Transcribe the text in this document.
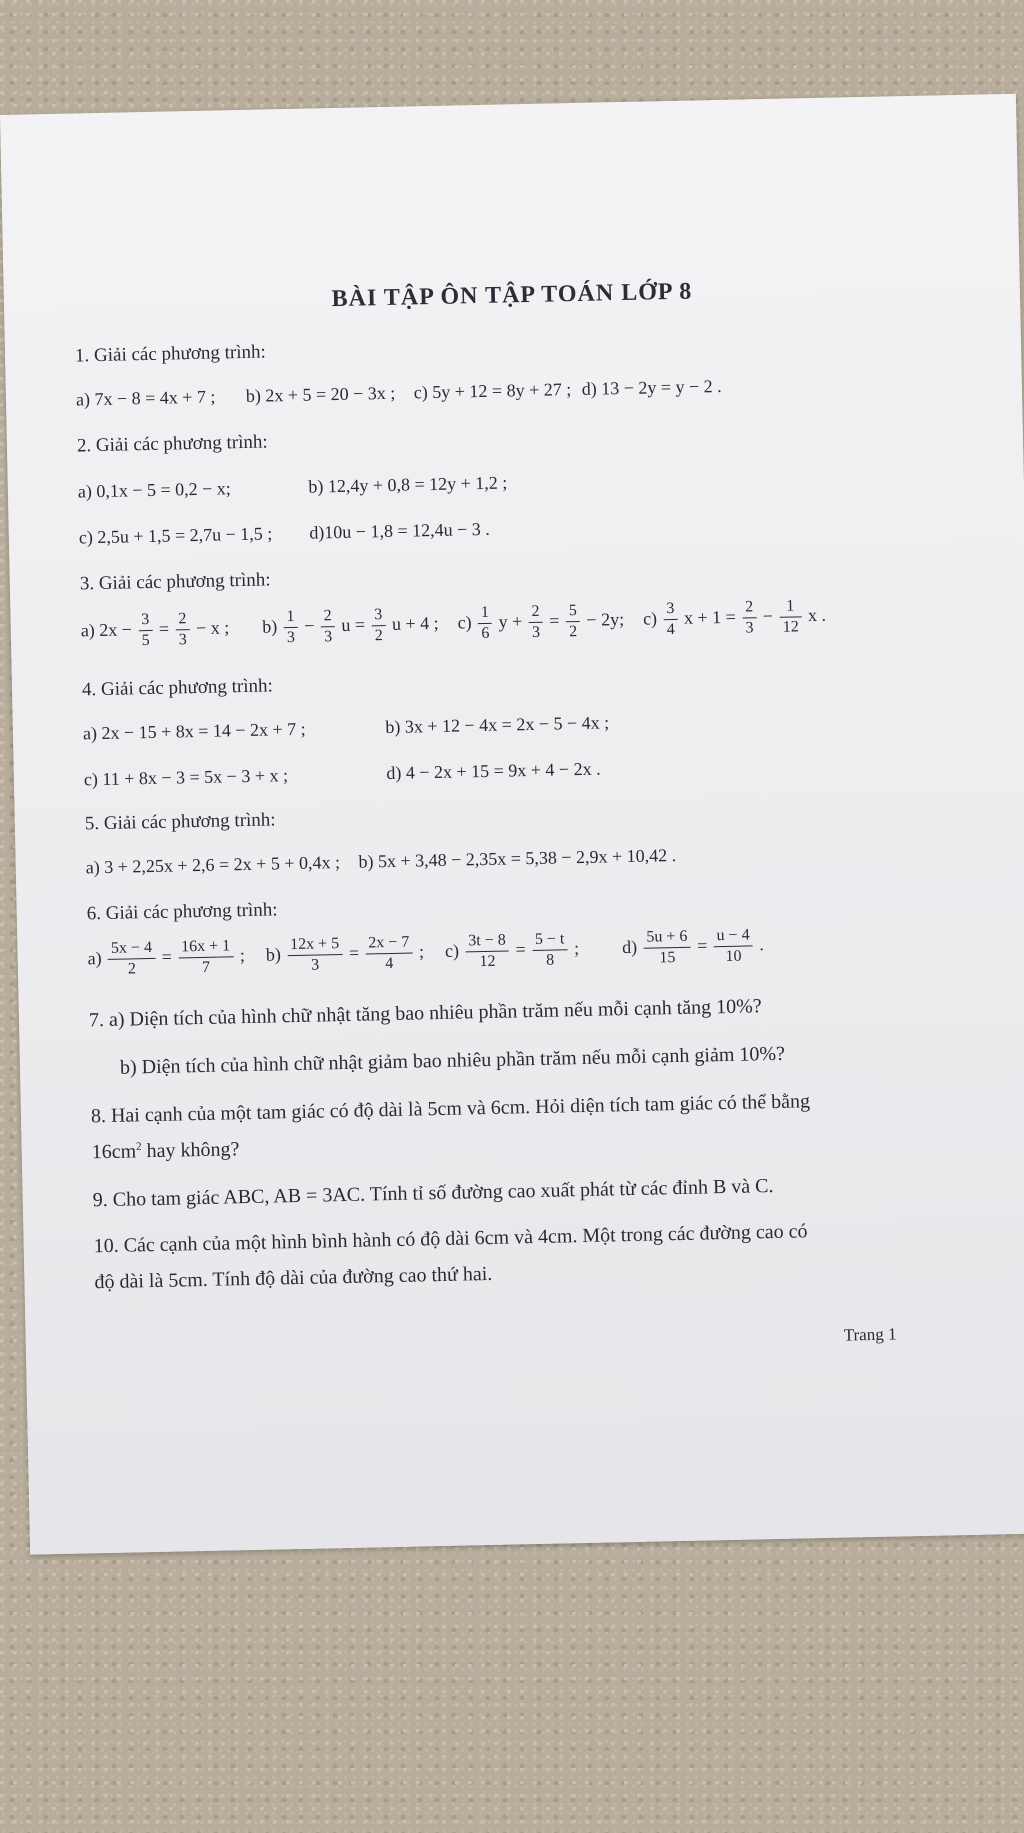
BÀI TẬP ÔN TẬP TOÁN LỚP 8
1. Giải các phương trình:
a) 7x − 8 = 4x + 7 ; b) 2x + 5 = 20 − 3x ; c) 5y + 12 = 8y + 27 ; d) 13 − 2y = y − 2 .
2. Giải các phương trình:
a) 0,1x − 5 = 0,2 − x;	b) 12,4y + 0,8 = 12y + 1,2 ;
c) 2,5u + 1,5 = 2,7u − 1,5 ; d)10u − 1,8 = 12,4u − 3 .
3. Giải các phương trình:
a) $2x - \frac{3}{5} = \frac{2}{3} - x$ ; $b) \frac{1}{3} - \frac{2}{3}$ $u = \frac{3}{2}$ u + 4 ; $c) \frac{1}{6}$ $y + \frac{2}{3} = \frac{5}{2} - 2y$; $c) \frac{3}{4}$ $x + 1 = \frac{2}{3} - \frac{1}{12}$ x .
4. Giải các phương trình:
a) 2x − 15 + 8x = 14 − 2x + 7 ;	b) 3x + 12 − 4x = 2x − 5 − 4x ;
c) 11 + 8x − 3 = 5x − 3 + x ;	d) 4 − 2x + 15 = 9x + 4 − 2x .
5. Giải các phương trình:
a) 3 + 2,25x + 2,6 = 2x + 5 + 0,4x ; b) 5x + 3,48 − 2,35x = 5,38 − 2,9x + 10,42 .
6. Giải các phương trình:
$a) \frac{5x - 4}{2} = \frac{16x + 1}{7}$ ; $b) \frac{12x + 5}{3} = \frac{2x - 7}{4}$ ; $c) \frac{3t - 8}{12} = \frac{5 - t}{8}$ ; $d) \frac{5u + 6}{15} = \frac{u - 4}{10}$ .
7. a) Diện tích của hình chữ nhật tăng bao nhiêu phần trăm nếu mỗi cạnh tăng 10%?
b) Diện tích của hình chữ nhật giảm bao nhiêu phần trăm nếu mỗi cạnh giảm 10%?
8. Hai cạnh của một tam giác có độ dài là 5cm và 6cm. Hỏi diện tích tam giác có thể bằng
$16cm^2$ hay không?
9. Cho tam giác ABC, AB = 3AC. Tính tỉ số đường cao xuất phát từ các đỉnh B và C.
10. Các cạnh của một hình bình hành có độ dài 6cm và 4cm. Một trong các đường cao có
độ dài là 5cm. Tính độ dài của đường cao thứ hai.
Trang 1
